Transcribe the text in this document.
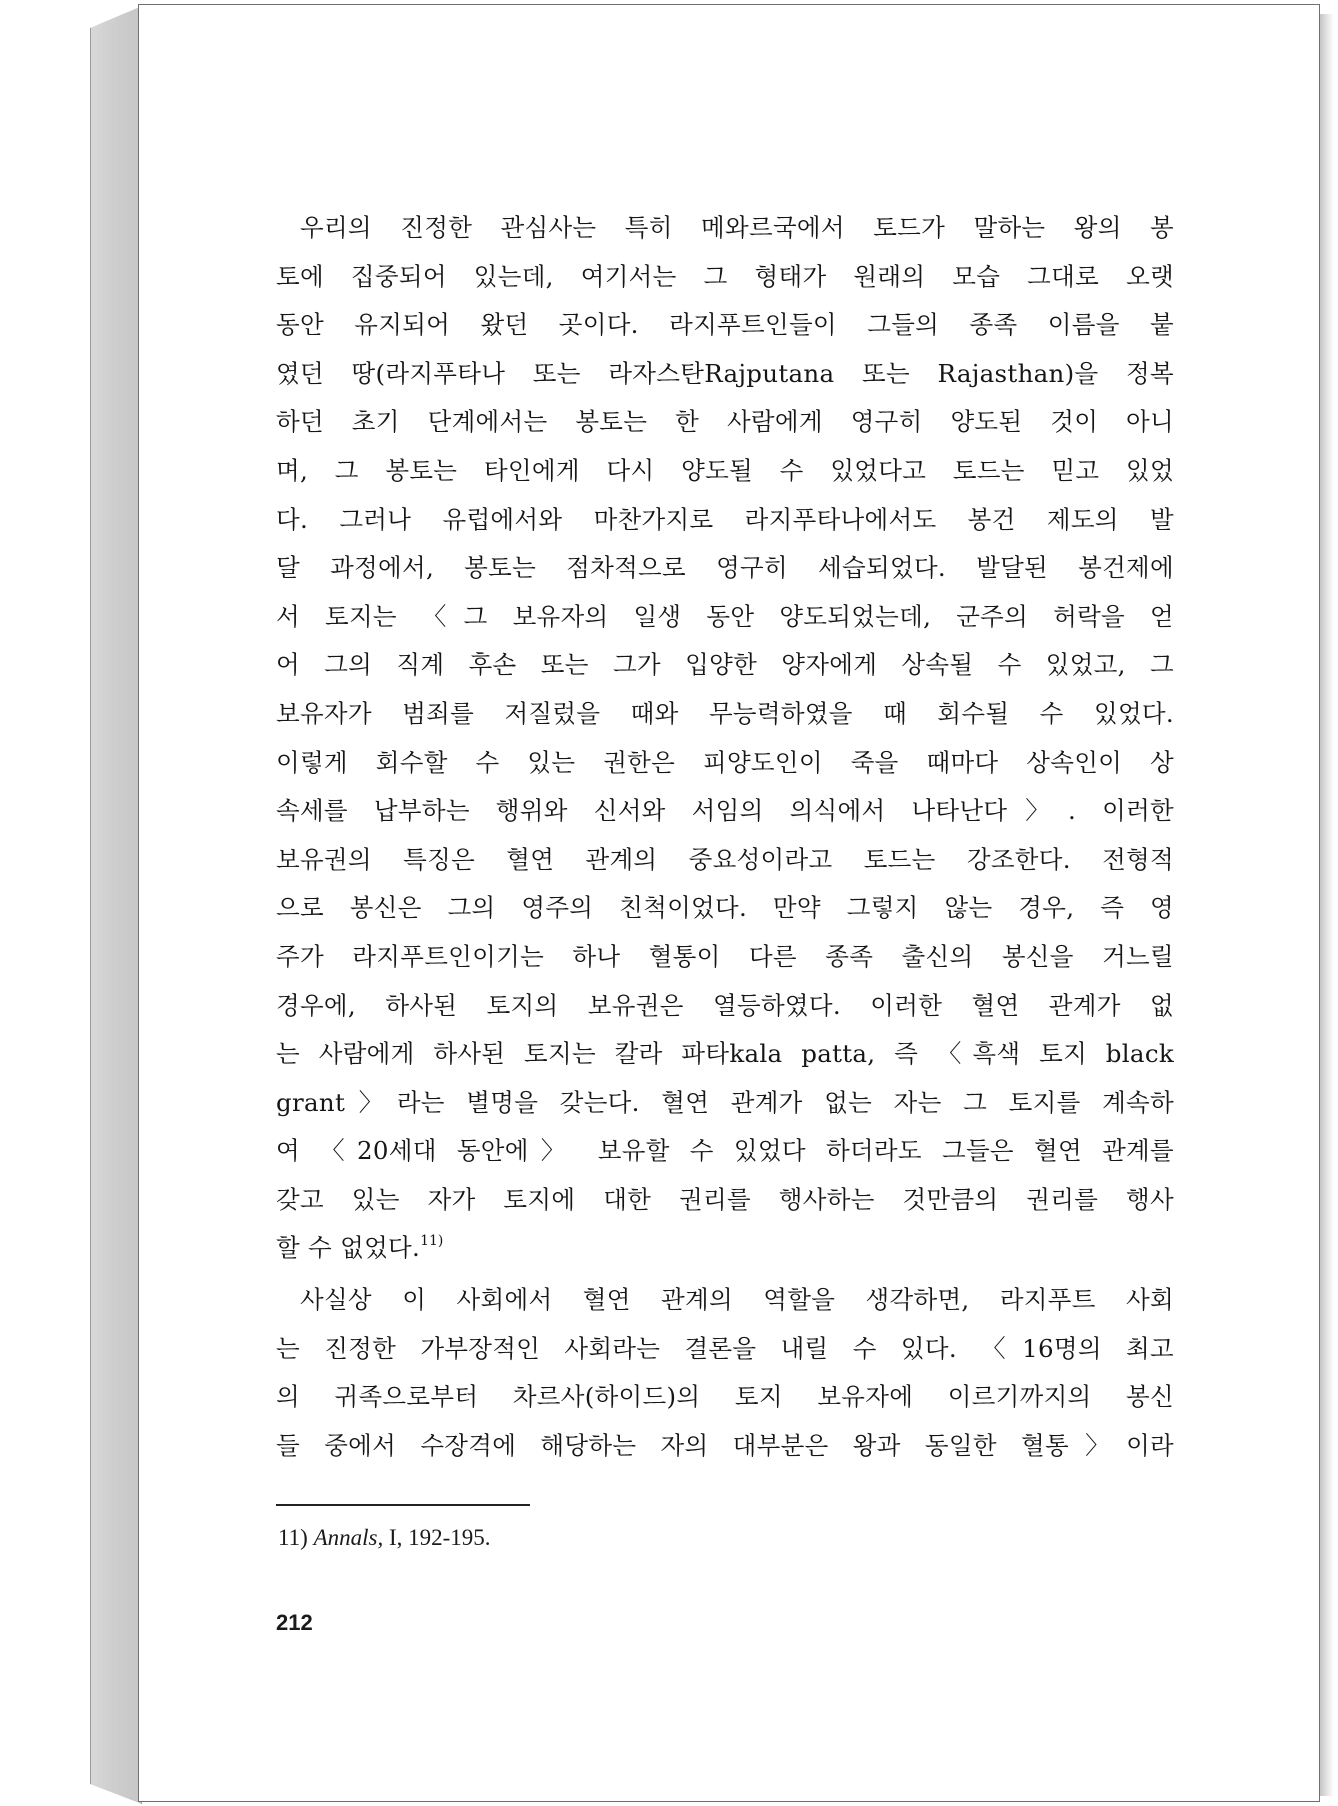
우리의 진정한 관심사는 특히 메와르국에서 토드가 말하는 왕의 봉
토에 집중되어 있는데, 여기서는 그 형태가 원래의 모습 그대로 오랫
동안 유지되어 왔던 곳이다. 라지푸트인들이 그들의 종족 이름을 붙
였던 땅(라지푸타나 또는 라자스탄Rajputana 또는 Rajasthan)을 정복
하던 초기 단계에서는 봉토는 한 사람에게 영구히 양도된 것이 아니
며, 그 봉토는 타인에게 다시 양도될 수 있었다고 토드는 믿고 있었
다. 그러나 유럽에서와 마찬가지로 라지푸타나에서도 봉건 제도의 발
달 과정에서, 봉토는 점차적으로 영구히 세습되었다. 발달된 봉건제에
서 토지는 〈그 보유자의 일생 동안 양도되었는데, 군주의 허락을 얻
어 그의 직계 후손 또는 그가 입양한 양자에게 상속될 수 있었고, 그
보유자가 범죄를 저질렀을 때와 무능력하였을 때 회수될 수 있었다.
이렇게 회수할 수 있는 권한은 피양도인이 죽을 때마다 상속인이 상
속세를 납부하는 행위와 신서와 서임의 의식에서 나타난다〉. 이러한
보유권의 특징은 혈연 관계의 중요성이라고 토드는 강조한다. 전형적
으로 봉신은 그의 영주의 친척이었다. 만약 그렇지 않는 경우, 즉 영
주가 라지푸트인이기는 하나 혈통이 다른 종족 출신의 봉신을 거느릴
경우에, 하사된 토지의 보유권은 열등하였다. 이러한 혈연 관계가 없
는 사람에게 하사된 토지는 칼라 파타kala patta, 즉 〈흑색 토지 black
grant〉라는 별명을 갖는다. 혈연 관계가 없는 자는 그 토지를 계속하
여 〈20세대 동안에〉 보유할 수 있었다 하더라도 그들은 혈연 관계를
갖고 있는 자가 토지에 대한 권리를 행사하는 것만큼의 권리를 행사
할 수 없었다.$^{11)}$
사실상 이 사회에서 혈연 관계의 역할을 생각하면, 라지푸트 사회
는 진정한 가부장적인 사회라는 결론을 내릴 수 있다. 〈16명의 최고
의 귀족으로부터 차르사(하이드)의 토지 보유자에 이르기까지의 봉신
들 중에서 수장격에 해당하는 자의 대부분은 왕과 동일한 혈통〉이라
11) Annals, I, 192-195.
212
